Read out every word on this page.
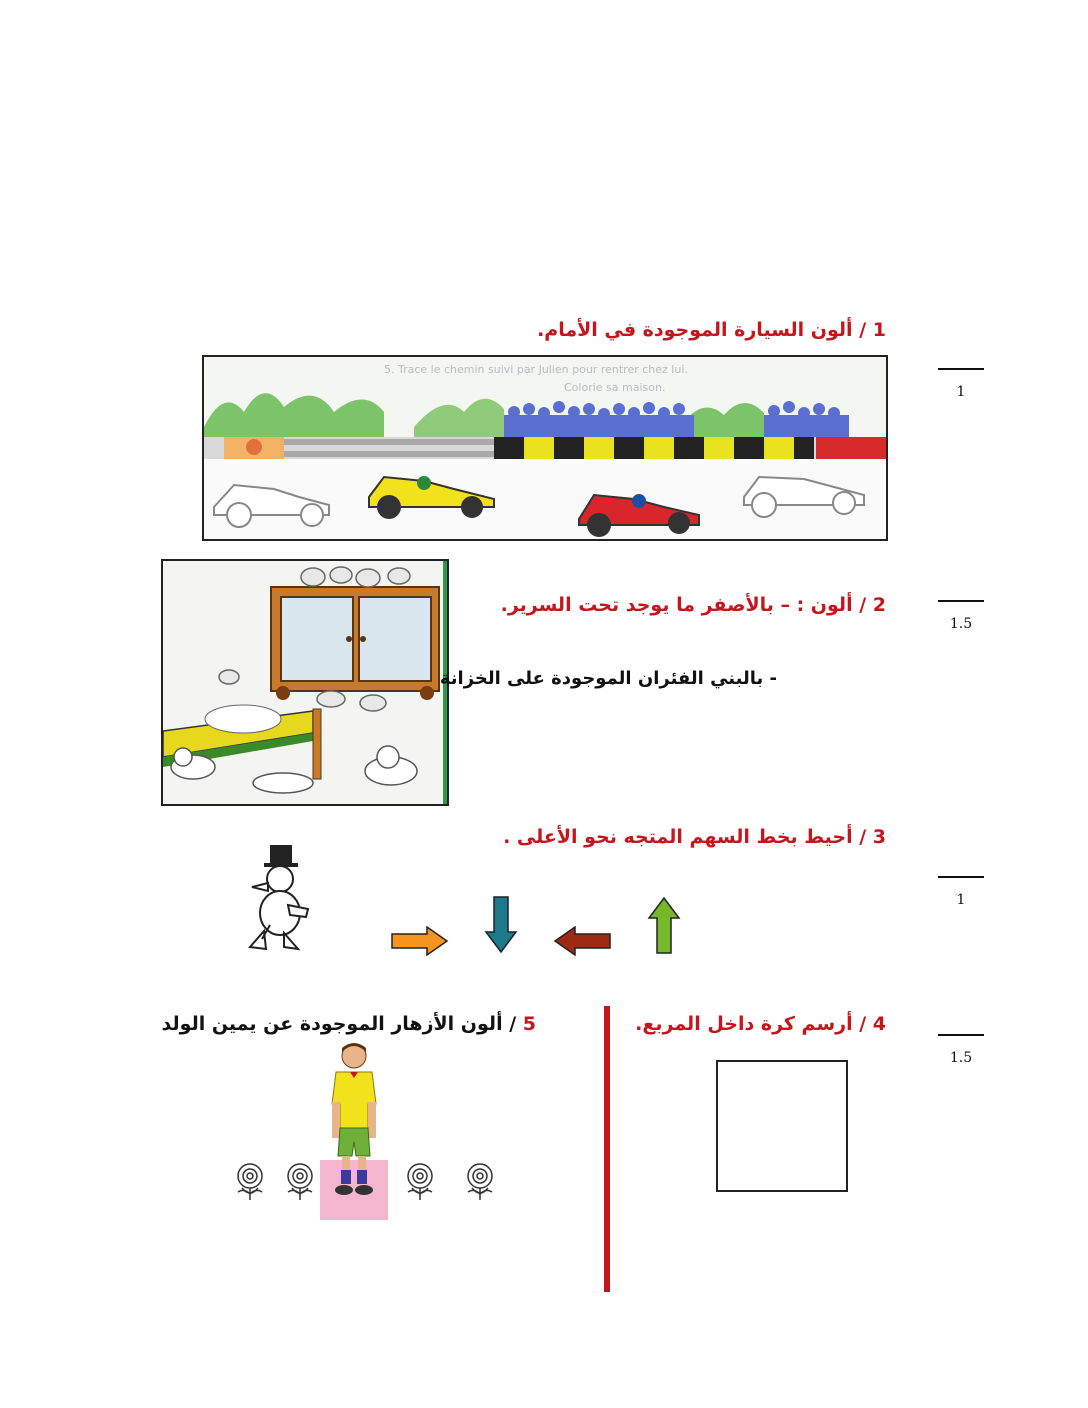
1 / ألون السيارة الموجودة في الأمام.
5. Trace le chemin suivi par Julien pour rentrer chez lui.
Colorie sa maison.
2 / ألون : – بالأصفر ما يوجد تحت السرير.
- بالبني الفئران الموجودة على الخزانة
3 / أحيط بخط السهم المتجه نحو الأعلى .
4 / أرسم كرة داخل المربع.
5 / ألون الأزهار الموجودة عن يمين الولد
1
1.5
1
1.5
